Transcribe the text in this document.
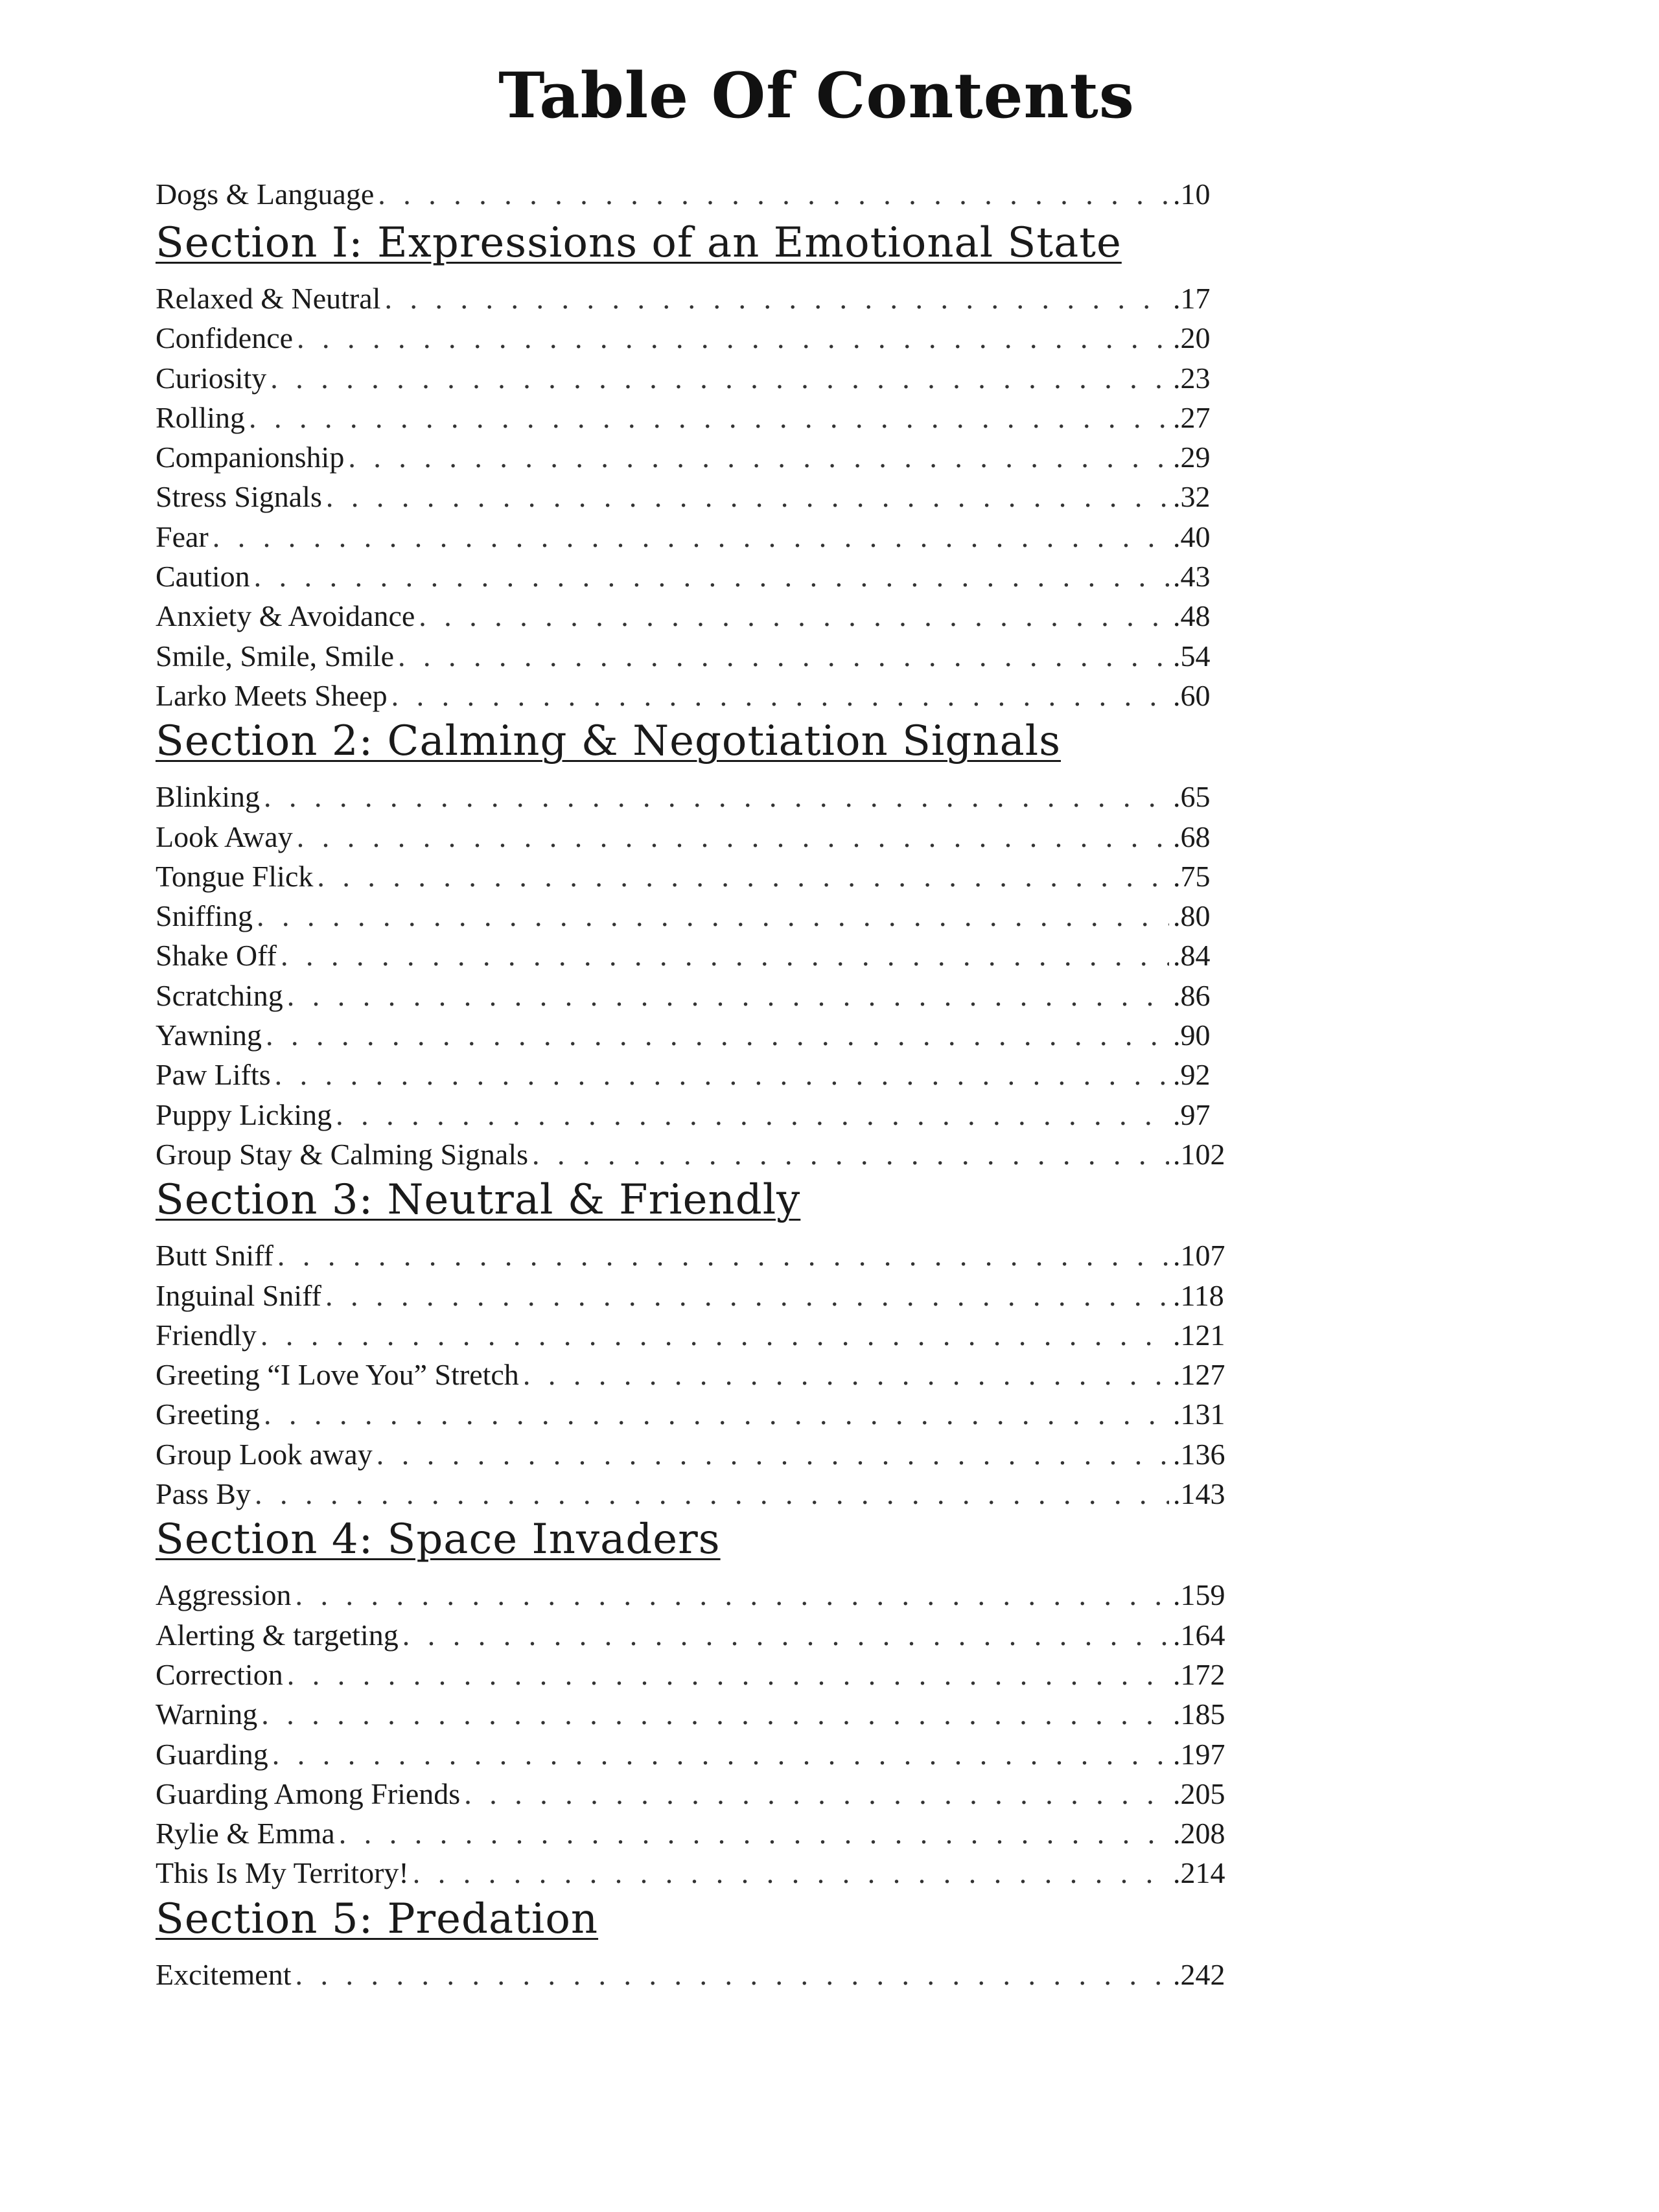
Table Of Contents
Dogs & Language . . .	.10
Section I: Expressions of an Emotional State
Relaxed & Neutral . . .	.17
Confidence . . .	.20
Curiosity . . .	.23
Rolling . . .	.27
Companionship . . .	.29
Stress Signals . . .	.32
Fear . . .	.40
Caution . . .	.43
Anxiety & Avoidance . . .	.48
Smile, Smile, Smile . . .	.54
Larko Meets Sheep . . .	.60
Section 2: Calming & Negotiation Signals
Blinking . . .	.65
Look Away . . .	.68
Tongue Flick . . .	.75
Sniffing . . .	.80
Shake Off . . .	.84
Scratching . . .	.86
Yawning . . .	.90
Paw Lifts . . .	.92
Puppy Licking . . .	.97
Group Stay & Calming Signals . . .	.102
Section 3: Neutral & Friendly
Butt Sniff . . .	.107
Inguinal Sniff . . .	.118
Friendly . . .	.121
Greeting “I Love You” Stretch . . .	.127
Greeting . . .	.131
Group Look away . . .	.136
Pass By . . .	.143
Section 4: Space Invaders
Aggression . . .	.159
Alerting & targeting . . .	.164
Correction . . .	.172
Warning . . .	.185
Guarding . . .	.197
Guarding Among Friends . . .	.205
Rylie & Emma . . .	.208
This Is My Territory! . . .	.214
Section 5: Predation
Excitement . . .	.242
